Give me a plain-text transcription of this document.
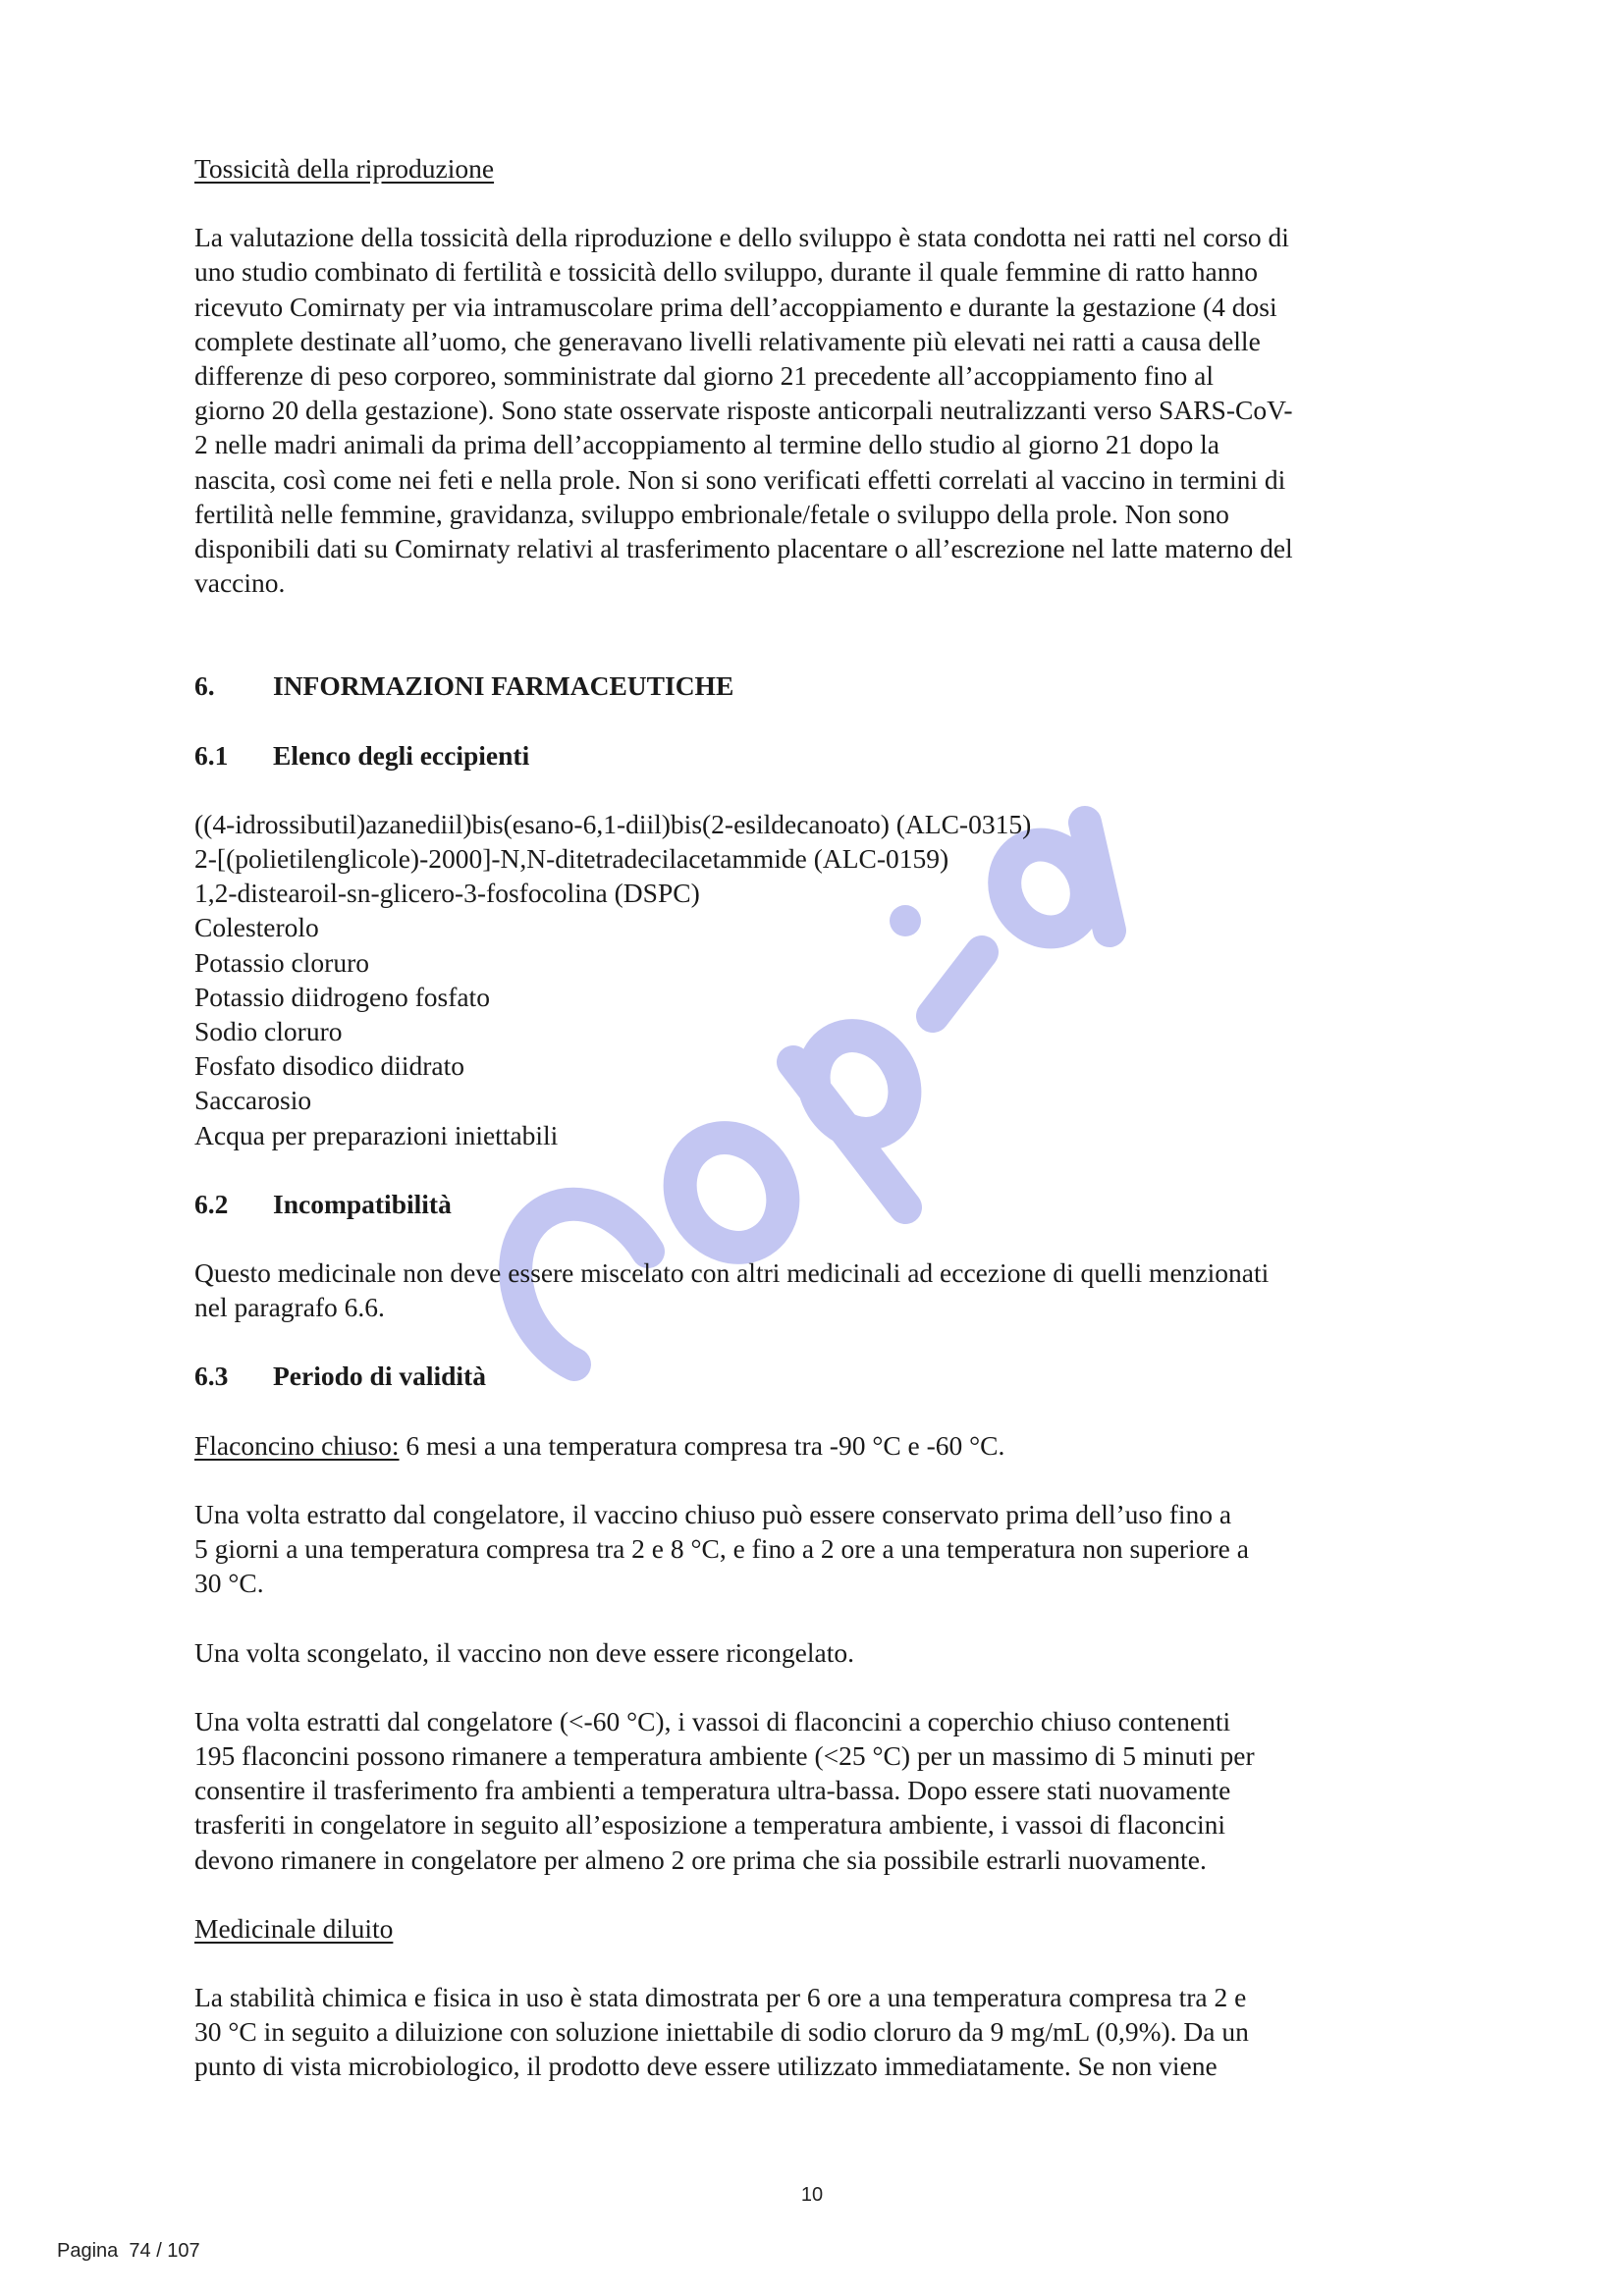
Tossicità della riproduzione

La valutazione della tossicità della riproduzione e dello sviluppo è stata condotta nei ratti nel corso di
uno studio combinato di fertilità e tossicità dello sviluppo, durante il quale femmine di ratto hanno
ricevuto Comirnaty per via intramuscolare prima dell’accoppiamento e durante la gestazione (4 dosi
complete destinate all’uomo, che generavano livelli relativamente più elevati nei ratti a causa delle
differenze di peso corporeo, somministrate dal giorno 21 precedente all’accoppiamento fino al
giorno 20 della gestazione). Sono state osservate risposte anticorpali neutralizzanti verso SARS-CoV-
2 nelle madri animali da prima dell’accoppiamento al termine dello studio al giorno 21 dopo la
nascita, così come nei feti e nella prole. Non si sono verificati effetti correlati al vaccino in termini di
fertilità nelle femmine, gravidanza, sviluppo embrionale/fetale o sviluppo della prole. Non sono
disponibili dati su Comirnaty relativi al trasferimento placentare o all’escrezione nel latte materno del
vaccino.

6.	INFORMAZIONI FARMACEUTICHE

6.1	Elenco degli eccipienti

((4-idrossibutil)azanediil)bis(esano-6,1-diil)bis(2-esildecanoato) (ALC-0315)
2-[(polietilenglicole)-2000]-N,N-ditetradecilacetammide (ALC-0159)
1,2-distearoil-sn-glicero-3-fosfocolina (DSPC)
Colesterolo
Potassio cloruro
Potassio diidrogeno fosfato
Sodio cloruro
Fosfato disodico diidrato
Saccarosio
Acqua per preparazioni iniettabili

6.2	Incompatibilità

Questo medicinale non deve essere miscelato con altri medicinali ad eccezione di quelli menzionati
nel paragrafo 6.6.

6.3	Periodo di validità

Flaconcino chiuso: 6 mesi a una temperatura compresa tra -90 °C e -60 °C.

Una volta estratto dal congelatore, il vaccino chiuso può essere conservato prima dell’uso fino a
5 giorni a una temperatura compresa tra 2 e 8 °C, e fino a 2 ore a una temperatura non superiore a
30 °C.

Una volta scongelato, il vaccino non deve essere ricongelato.

Una volta estratti dal congelatore (<-60 °C), i vassoi di flaconcini a coperchio chiuso contenenti
195 flaconcini possono rimanere a temperatura ambiente (<25 °C) per un massimo di 5 minuti per
consentire il trasferimento fra ambienti a temperatura ultra-bassa. Dopo essere stati nuovamente
trasferiti in congelatore in seguito all’esposizione a temperatura ambiente, i vassoi di flaconcini
devono rimanere in congelatore per almeno 2 ore prima che sia possibile estrarli nuovamente.

Medicinale diluito

La stabilità chimica e fisica in uso è stata dimostrata per 6 ore a una temperatura compresa tra 2 e
30 °C in seguito a diluizione con soluzione iniettabile di sodio cloruro da 9 mg/mL (0,9%). Da un
punto di vista microbiologico, il prodotto deve essere utilizzato immediatamente. Se non viene

10
Pagina  74 / 107
